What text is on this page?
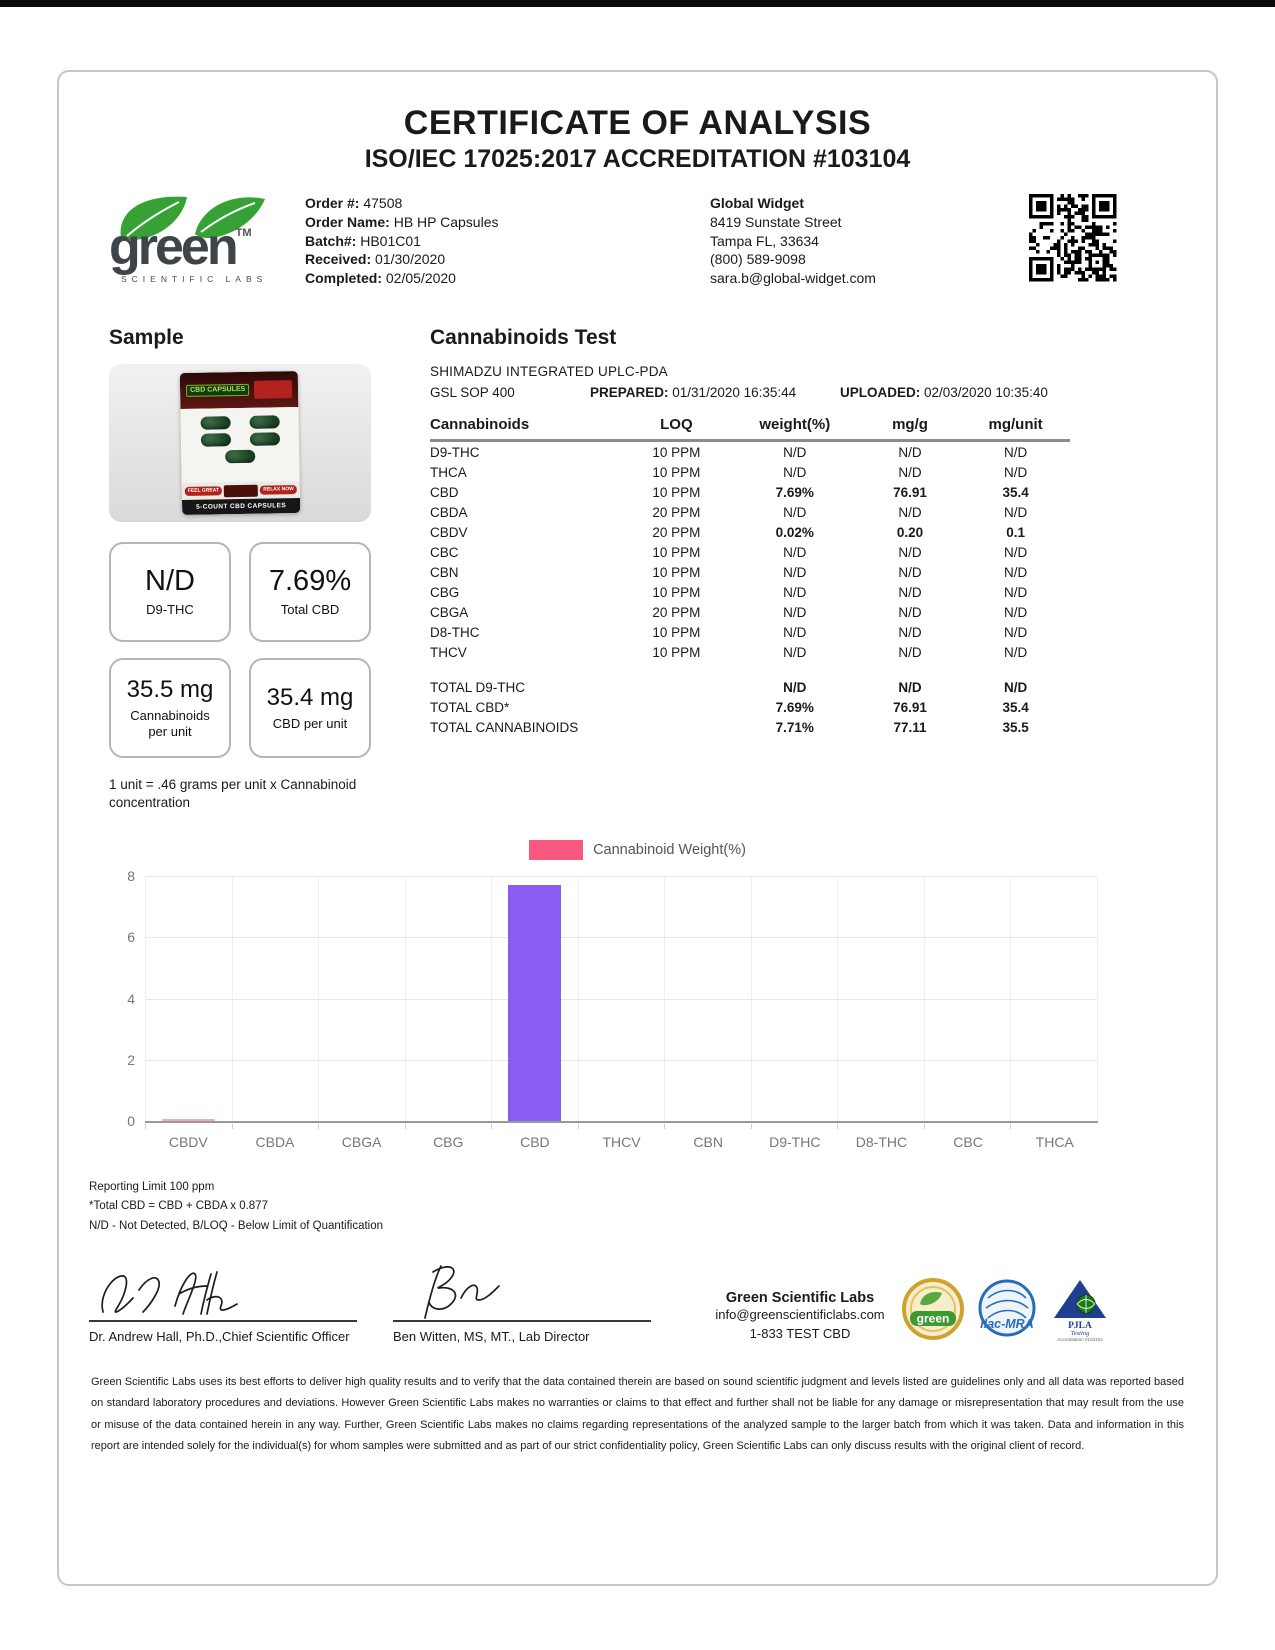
CERTIFICATE OF ANALYSIS
ISO/IEC 17025:2017 ACCREDITATION #103104
green™
SCIENTIFIC LABS
Order #: 47508
Order Name: HB HP Capsules
Batch#: HB01C01
Received: 01/30/2020
Completed: 02/05/2020
Global Widget
8419 Sunstate Street
Tampa FL, 33634
(800) 589-9098
sara.b@global-widget.com
Sample
CBD CAPSULES
FEEL GREAT	RELAX NOW
5-COUNT CBD CAPSULES
N/D
D9-THC
7.69%
Total CBD
35.5 mg
Cannabinoids per unit
35.4 mg
CBD per unit

1 unit = .46 grams per unit x Cannabinoid concentration

Cannabinoids Test
SHIMADZU INTEGRATED UPLC-PDA
GSL SOP 400	PREPARED: 01/31/2020 16:35:44	UPLOADED: 02/03/2020 10:35:40
Cannabinoids	LOQ	weight(%)	mg/g	mg/unit
D9-THC	10 PPM	N/D	N/D	N/D
THCA	10 PPM	N/D	N/D	N/D
CBD	10 PPM	7.69%	76.91	35.4
CBDA	20 PPM	N/D	N/D	N/D
CBDV	20 PPM	0.02%	0.20	0.1
CBC	10 PPM	N/D	N/D	N/D
CBN	10 PPM	N/D	N/D	N/D
CBG	10 PPM	N/D	N/D	N/D
CBGA	20 PPM	N/D	N/D	N/D
D8-THC	10 PPM	N/D	N/D	N/D
THCV	10 PPM	N/D	N/D	N/D

TOTAL D9-THC		N/D	N/D	N/D
TOTAL CBD*		7.69%	76.91	35.4
TOTAL CANNABINOIDS		7.71%	77.11	35.5
Cannabinoid Weight(%)
0
2
4
6
8
CBDV	CBDA	CBGA	CBG	CBD	THCV	CBN	D9-THC	D8-THC	CBC	THCA
Reporting Limit 100 ppm
*Total CBD = CBD + CBDA x 0.877
N/D - Not Detected, B/LOQ - Below Limit of Quantification
Dr. Andrew Hall, Ph.D.,Chief Scientific Officer	Ben Witten, MS, MT., Lab Director
Green Scientific Labs
info@greenscientificlabs.com
1-833 TEST CBD
green ilac-MRA	PJLA
Testing
Accreditation #103104

Green Scientific Labs uses its best efforts to deliver high quality results and to verify that the data contained therein are based on sound scientific judgment and levels listed are guidelines only and all data was reported based on standard laboratory procedures and deviations. However Green Scientific Labs makes no warranties or claims to that effect and further shall not be liable for any damage or misrepresentation that may result from the use or misuse of the data contained herein in any way. Further, Green Scientific Labs makes no claims regarding representations of the analyzed sample to the larger batch from which it was taken. Data and information in this report are intended solely for the individual(s) for whom samples were submitted and as part of our strict confidentiality policy, Green Scientific Labs can only discuss results with the original client of record.
